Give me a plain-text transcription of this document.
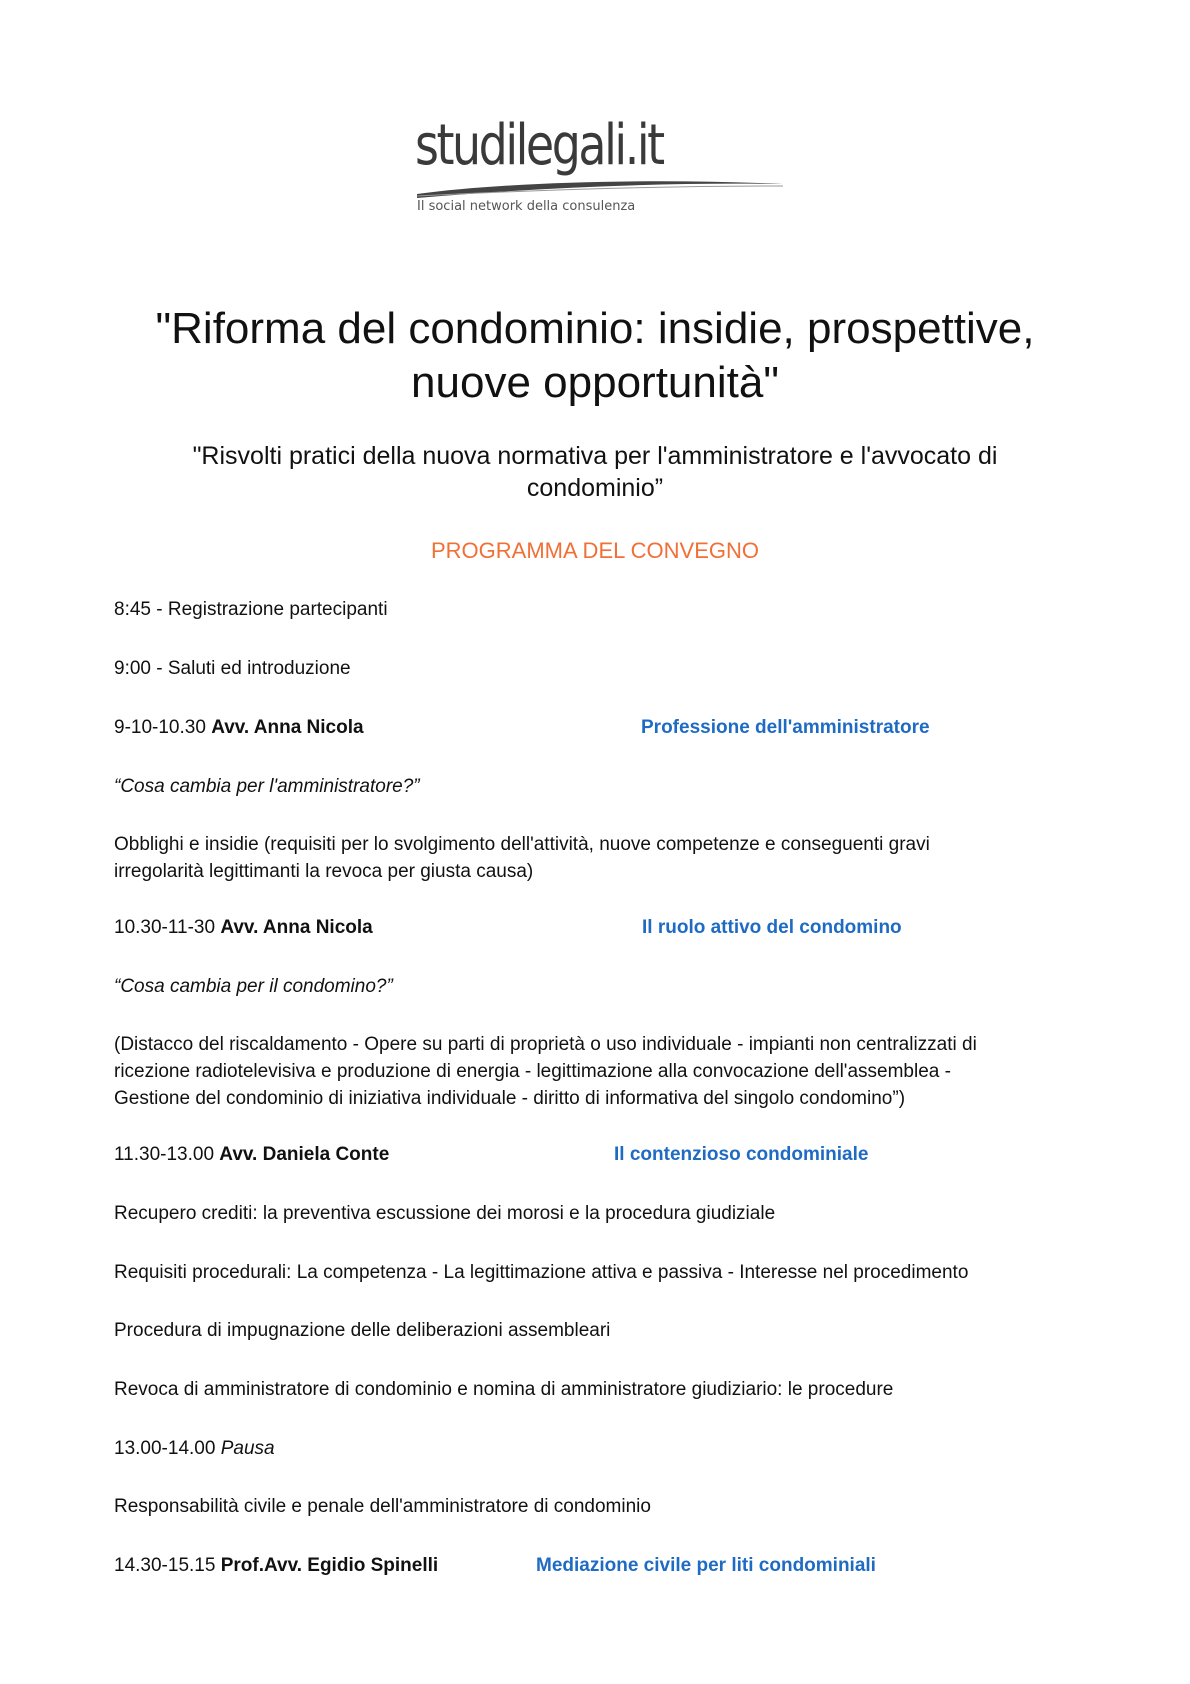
studilegali.it
Il social network della consulenza
"Riforma del condominio: insidie, prospettive,
nuove opportunità"

"Risvolti pratici della nuova normativa per l'amministratore e l'avvocato di
condominio”

PROGRAMMA DEL CONVEGNO
8:45 - Registrazione partecipanti
9:00 - Saluti ed introduzione
9-10-10.30 Avv. Anna Nicola	Professione dell'amministratore
“Cosa cambia per l'amministratore?”
Obblighi e insidie (requisiti per lo svolgimento dell'attività, nuove competenze e conseguenti gravi
irregolarità legittimanti la revoca per giusta causa)
10.30-11-30 Avv. Anna Nicola	Il ruolo attivo del condomino
“Cosa cambia per il condomino?”
(Distacco del riscaldamento - Opere su parti di proprietà o uso individuale - impianti non centralizzati di
ricezione radiotelevisiva e produzione di energia - legittimazione alla convocazione dell'assemblea -
Gestione del condominio di iniziativa individuale - diritto di informativa del singolo condomino”)
11.30-13.00 Avv. Daniela Conte	Il contenzioso condominiale
Recupero crediti: la preventiva escussione dei morosi e la procedura giudiziale
Requisiti procedurali: La competenza - La legittimazione attiva e passiva - Interesse nel procedimento
Procedura di impugnazione delle deliberazioni assembleari
Revoca di amministratore di condominio e nomina di amministratore giudiziario: le procedure
13.00-14.00 Pausa
Responsabilità civile e penale dell'amministratore di condominio
14.30-15.15 Prof.Avv. Egidio Spinelli	Mediazione civile per liti condominiali
